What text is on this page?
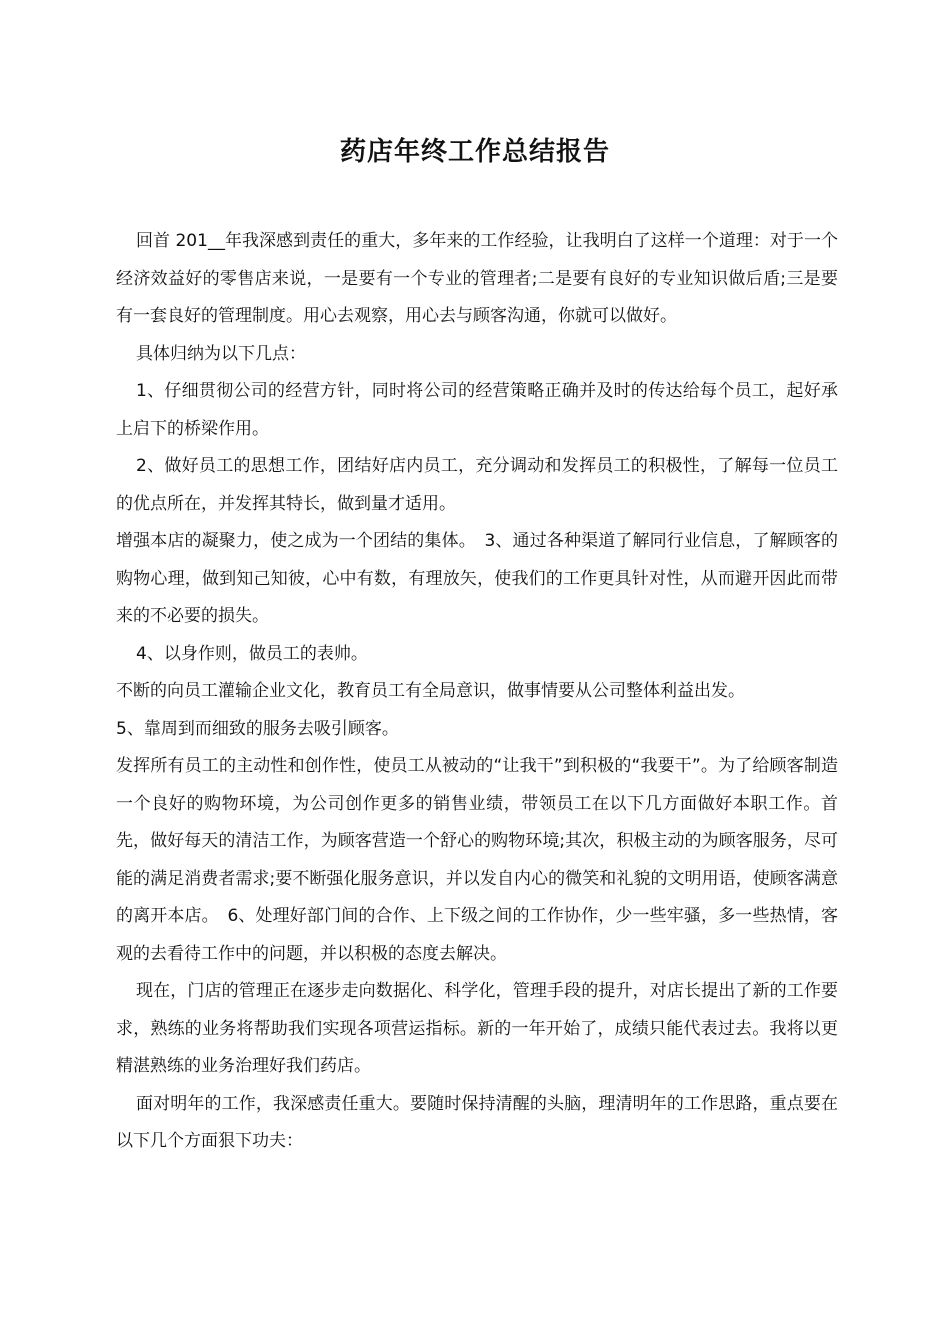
药店年终工作总结报告

回首 201__年我深感到责任的重大，多年来的工作经验，让我明白了这样一个道理：对于一个经济效益好的零售店来说，一是要有一个专业的管理者;二是要有良好的专业知识做后盾;三是要有一套良好的管理制度。用心去观察，用心去与顾客沟通，你就可以做好。

具体归纳为以下几点：

1、仔细贯彻公司的经营方针，同时将公司的经营策略正确并及时的传达给每个员工，起好承上启下的桥梁作用。

2、做好员工的思想工作，团结好店内员工，充分调动和发挥员工的积极性，了解每一位员工的优点所在，并发挥其特长，做到量才适用。

增强本店的凝聚力，使之成为一个团结的集体。　3、通过各种渠道了解同行业信息，了解顾客的购物心理，做到知己知彼，心中有数，有理放矢，使我们的工作更具针对性，从而避开因此而带来的不必要的损失。

4、以身作则，做员工的表帅。

不断的向员工灌输企业文化，教育员工有全局意识，做事情要从公司整体利益出发。

5、靠周到而细致的服务去吸引顾客。

发挥所有员工的主动性和创作性，使员工从被动的“让我干”到积极的“我要干”。为了给顾客制造一个良好的购物环境，为公司创作更多的销售业绩，带领员工在以下几方面做好本职工作。首先，做好每天的清洁工作，为顾客营造一个舒心的购物环境;其次，积极主动的为顾客服务，尽可能的满足消费者需求;要不断强化服务意识，并以发自内心的微笑和礼貌的文明用语，使顾客满意的离开本店。　6、处理好部门间的合作、上下级之间的工作协作，少一些牢骚，多一些热情，客观的去看待工作中的问题，并以积极的态度去解决。

现在，门店的管理正在逐步走向数据化、科学化，管理手段的提升，对店长提出了新的工作要求，熟练的业务将帮助我们实现各项营运指标。新的一年开始了，成绩只能代表过去。我将以更精湛熟练的业务治理好我们药店。

面对明年的工作，我深感责任重大。要随时保持清醒的头脑，理清明年的工作思路，重点要在以下几个方面狠下功夫：
